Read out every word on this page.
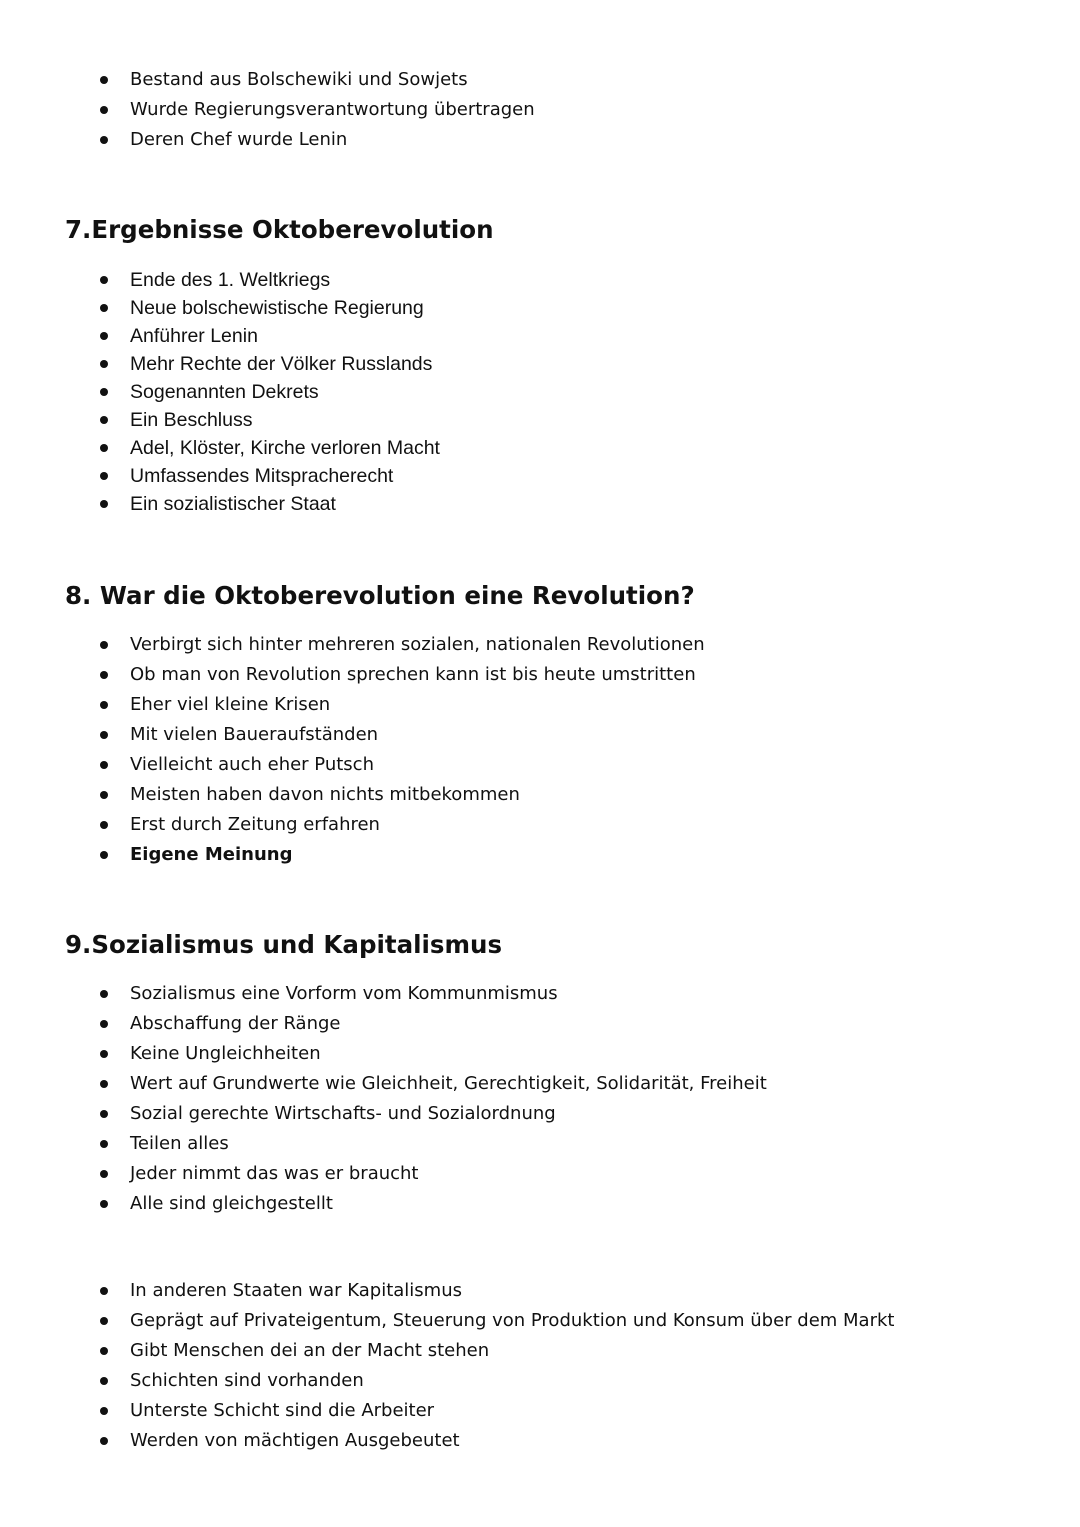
Bestand aus Bolschewiki und Sowjets
Wurde Regierungsverantwortung übertragen
Deren Chef wurde Lenin
7.Ergebnisse Oktoberevolution
Ende des 1. Weltkriegs
Neue bolschewistische Regierung
Anführer Lenin
Mehr Rechte der Völker Russlands
Sogenannten Dekrets
Ein Beschluss
Adel, Klöster, Kirche verloren Macht
Umfassendes Mitspracherecht
Ein sozialistischer Staat
8. War die Oktoberevolution eine Revolution?
Verbirgt sich hinter mehreren sozialen, nationalen Revolutionen
Ob man von Revolution sprechen kann ist bis heute umstritten
Eher viel kleine Krisen
Mit vielen Baueraufständen
Vielleicht auch eher Putsch
Meisten haben davon nichts mitbekommen
Erst durch Zeitung erfahren
Eigene Meinung
9.Sozialismus und Kapitalismus
Sozialismus eine Vorform vom Kommunmismus
Abschaffung der Ränge
Keine Ungleichheiten
Wert auf Grundwerte wie Gleichheit, Gerechtigkeit, Solidarität, Freiheit
Sozial gerechte Wirtschafts- und Sozialordnung
Teilen alles
Jeder nimmt das was er braucht
Alle sind gleichgestellt
In anderen Staaten war Kapitalismus
Geprägt auf Privateigentum, Steuerung von Produktion und Konsum über dem Markt
Gibt Menschen dei an der Macht stehen
Schichten sind vorhanden
Unterste Schicht sind die Arbeiter
Werden von mächtigen Ausgebeutet
